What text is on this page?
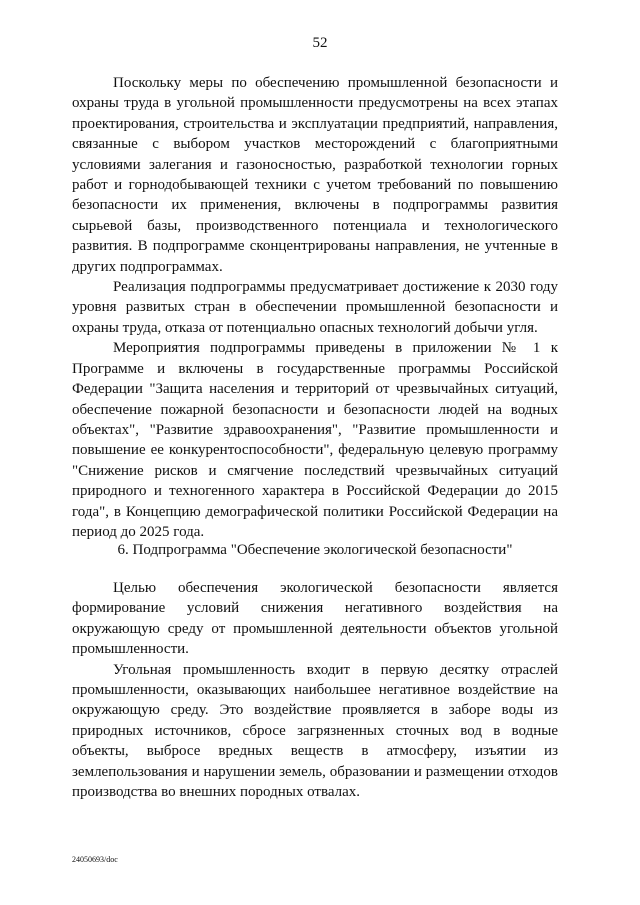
52

Поскольку меры по обеспечению промышленной безопасности и охраны труда в угольной промышленности предусмотрены на всех этапах проектирования, строительства и эксплуатации предприятий, направления, связанные с выбором участков месторождений с благоприятными условиями залегания и газоносностью, разработкой технологии горных работ и горнодобывающей техники с учетом требований по повышению безопасности их применения, включены в подпрограммы развития сырьевой базы, производственного потенциала и технологического развития. В подпрограмме сконцентрированы направления, не учтенные в других подпрограммах.

Реализация подпрограммы предусматривает достижение к 2030 году уровня развитых стран в обеспечении промышленной безопасности и охраны труда, отказа от потенциально опасных технологий добычи угля.

Мероприятия подпрограммы приведены в приложении № 1 к Программе и включены в государственные программы Российской Федерации "Защита населения и территорий от чрезвычайных ситуаций, обеспечение пожарной безопасности и безопасности людей на водных объектах", "Развитие здравоохранения", "Развитие промышленности и повышение ее конкурентоспособности", федеральную целевую программу "Снижение рисков и смягчение последствий чрезвычайных ситуаций природного и техногенного характера в Российской Федерации до 2015 года", в Концепцию демографической политики Российской Федерации на период до 2025 года.

6. Подпрограмма "Обеспечение экологической безопасности"

Целью обеспечения экологической безопасности является формирование условий снижения негативного воздействия на окружающую среду от промышленной деятельности объектов угольной промышленности.

Угольная промышленность входит в первую десятку отраслей промышленности, оказывающих наибольшее негативное воздействие на окружающую среду. Это воздействие проявляется в заборе воды из природных источников, сбросе загрязненных сточных вод в водные объекты, выбросе вредных веществ в атмосферу, изъятии из землепользования и нарушении земель, образовании и размещении отходов производства во внешних породных отвалах.

24050693/doc
